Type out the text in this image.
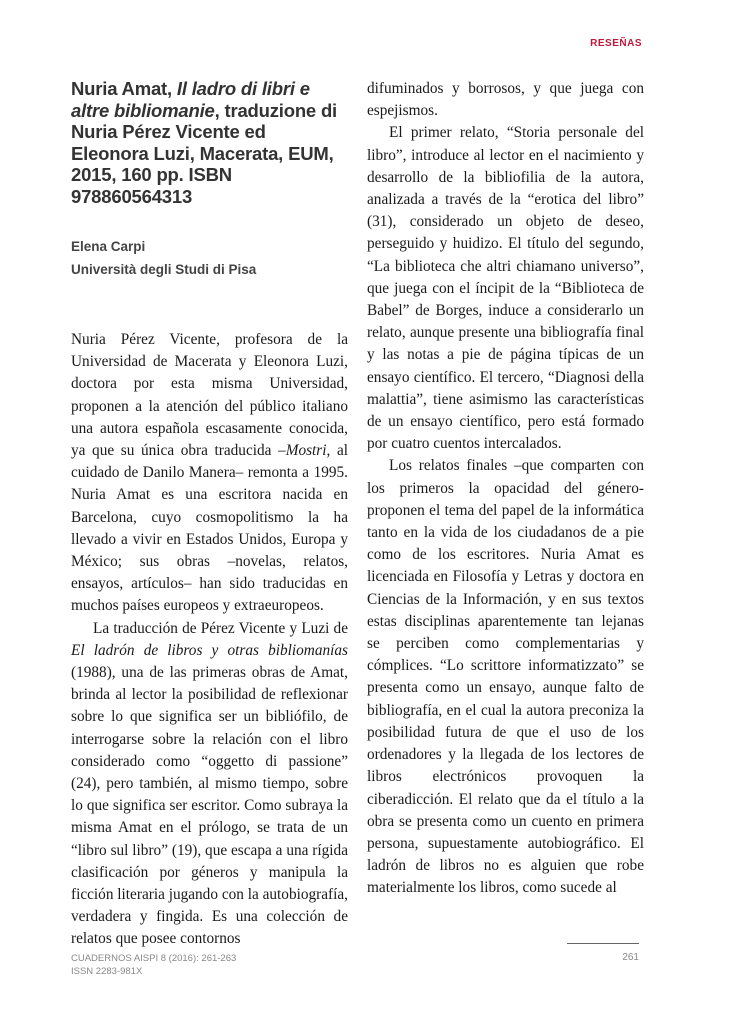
RESEÑAS
Nuria Amat, Il ladro di libri e altre bibliomanie, traduzione di Nuria Pérez Vicente ed Eleonora Luzi, Macerata, EUM, 2015, 160 pp. ISBN 978860564313
Elena Carpi
Università degli Studi di Pisa

Nuria Pérez Vicente, profesora de la Universidad de Macerata y Eleonora Luzi, doctora por esta misma Universidad, proponen a la atención del público italiano una autora española escasamente conocida, ya que su única obra traducida –Mostri, al cuidado de Danilo Manera– remonta a 1995. Nuria Amat es una escritora nacida en Barcelona, cuyo cosmopolitismo la ha llevado a vivir en Estados Unidos, Europa y México; sus obras –novelas, relatos, ensayos, artículos– han sido traducidas en muchos países europeos y extraeuropeos.

La traducción de Pérez Vicente y Luzi de El ladrón de libros y otras bibliomanías (1988), una de las primeras obras de Amat, brinda al lector la posibilidad de reflexionar sobre lo que significa ser un bibliófilo, de interrogarse sobre la relación con el libro considerado como “oggetto di passione” (24), pero también, al mismo tiempo, sobre lo que significa ser escritor. Como subraya la misma Amat en el prólogo, se trata de un “libro sul libro” (19), que escapa a una rígida clasificación por géneros y manipula la ficción literaria jugando con la autobiografía, verdadera y fingida. Es una colección de relatos que posee contornos

difuminados y borrosos, y que juega con espejismos.

El primer relato, “Storia personale del libro”, introduce al lector en el nacimiento y desarrollo de la bibliofilia de la autora, analizada a través de la “erotica del libro” (31), considerado un objeto de deseo, perseguido y huidizo. El título del segundo, “La biblioteca che altri chiamano universo”, que juega con el íncipit de la “Biblioteca de Babel” de Borges, induce a considerarlo un relato, aunque presente una bibliografía final y las notas a pie de página típicas de un ensayo científico. El tercero, “Diagnosi della malattia”, tiene asimismo las características de un ensayo científico, pero está formado por cuatro cuentos intercalados.

Los relatos finales –que comparten con los primeros la opacidad del género- proponen el tema del papel de la informática tanto en la vida de los ciudadanos de a pie como de los escritores. Nuria Amat es licenciada en Filosofía y Letras y doctora en Ciencias de la Información, y en sus textos estas disciplinas aparentemente tan lejanas se perciben como complementarias y cómplices. “Lo scrittore informatizzato” se presenta como un ensayo, aunque falto de bibliografía, en el cual la autora preconiza la posibilidad futura de que el uso de los ordenadores y la llegada de los lectores de libros electrónicos provoquen la ciberadicción. El relato que da el título a la obra se presenta como un cuento en primera persona, supuestamente autobiográfico. El ladrón de libros no es alguien que robe materialmente los libros, como sucede al

CUADERNOS AISPI 8 (2016): 261-263
ISSN 2283-981X
261
